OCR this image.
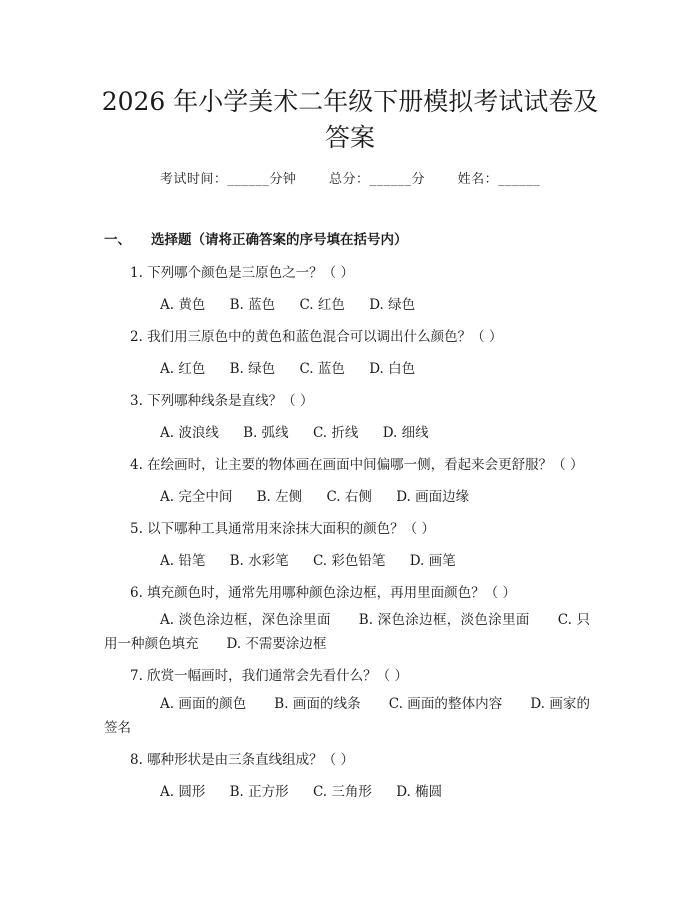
2026 年小学美术二年级下册模拟考试试卷及
答案
考试时间：______分钟	总分：______分	姓名：______
一、 选择题（请将正确答案的序号填在括号内）
1. 下列哪个颜色是三原色之一？（ ）
A. 黄色 B. 蓝色 C. 红色 D. 绿色
2. 我们用三原色中的黄色和蓝色混合可以调出什么颜色？（ ）
A. 红色 B. 绿色 C. 蓝色 D. 白色
3. 下列哪种线条是直线？（ ）
A. 波浪线 B. 弧线 C. 折线 D. 细线
4. 在绘画时，让主要的物体画在画面中间偏哪一侧，看起来会更舒服？（ ）
A. 完全中间 B. 左侧 C. 右侧 D. 画面边缘
5. 以下哪种工具通常用来涂抹大面积的颜色？（ ）
A. 铅笔 B. 水彩笔 C. 彩色铅笔 D. 画笔
6. 填充颜色时，通常先用哪种颜色涂边框，再用里面颜色？（ ）
A. 淡色涂边框，深色涂里面 B. 深色涂边框，淡色涂里面 C. 只用一种颜色填充 D. 不需要涂边框
7. 欣赏一幅画时，我们通常会先看什么？（ ）
A. 画面的颜色 B. 画面的线条 C. 画面的整体内容 D. 画家的签名
8. 哪种形状是由三条直线组成？（ ）
A. 圆形 B. 正方形 C. 三角形 D. 椭圆
